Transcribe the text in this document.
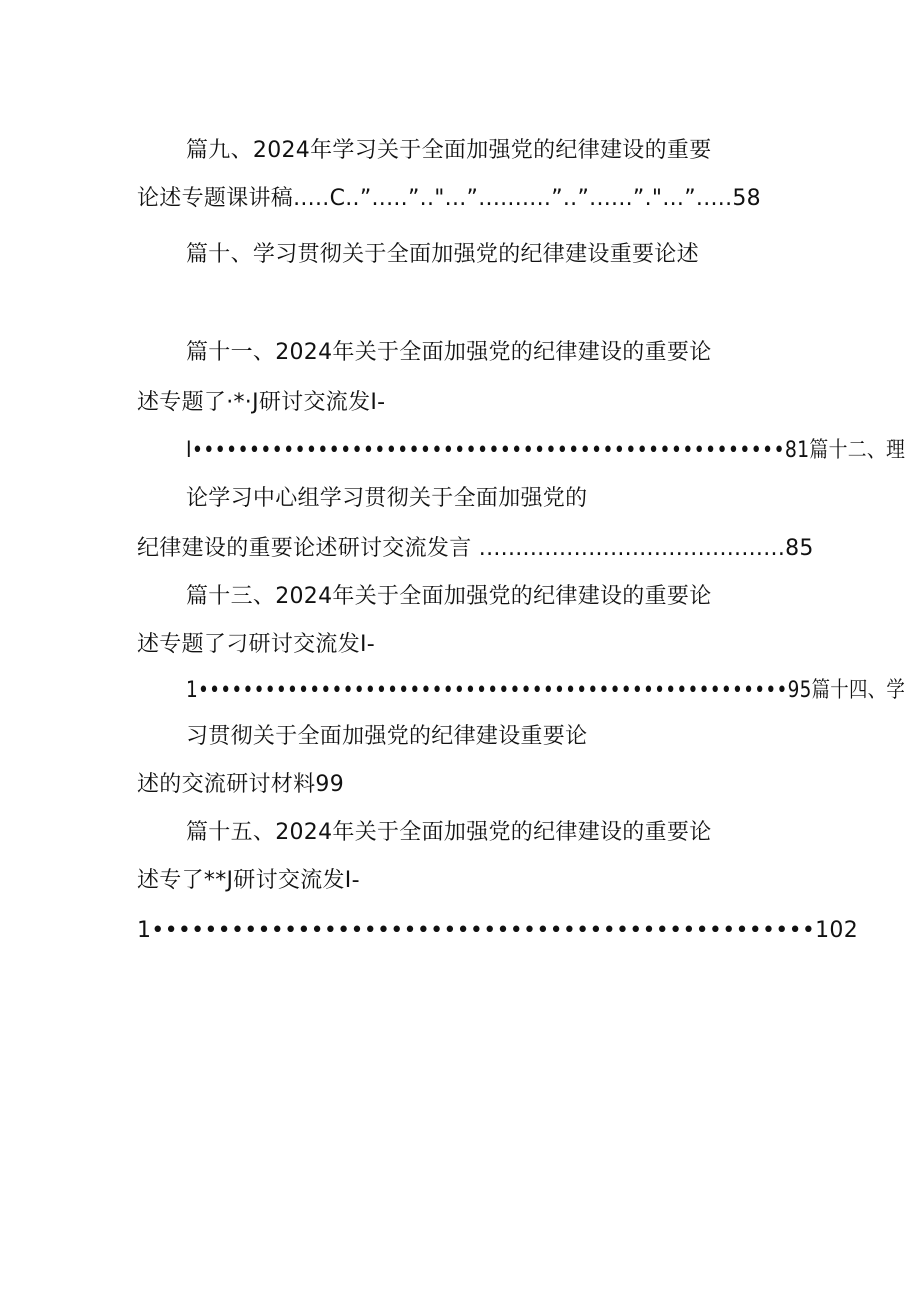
篇九、2024年学习关于全面加强党的纪律建设的重要
论述专题课讲稿.....C..”.....”.."...”..........”..”......”."...”.....58
篇十、学习贯彻关于全面加强党的纪律建设重要论述
篇十一、2024年关于全面加强党的纪律建设的重要论
述专题了·*·J研讨交流发I-
I••••••••••••••••••••••••••••••••••••••••••••••••••••81篇十二、理
论学习中心组学习贯彻关于全面加强党的
纪律建设的重要论述研讨交流发言 ..........................................85
篇十三、2024年关于全面加强党的纪律建设的重要论
述专题了刁研讨交流发I-
1•••••••••••••••••••••••••••••••••••••••••••••••••••••95篇十四、学
习贯彻关于全面加强党的纪律建设重要论
述的交流研讨材料99
篇十五、2024年关于全面加强党的纪律建设的重要论
述专了**J研讨交流发I-
1••••••••••••••••••••••••••••••••••••••••••••••••••102
